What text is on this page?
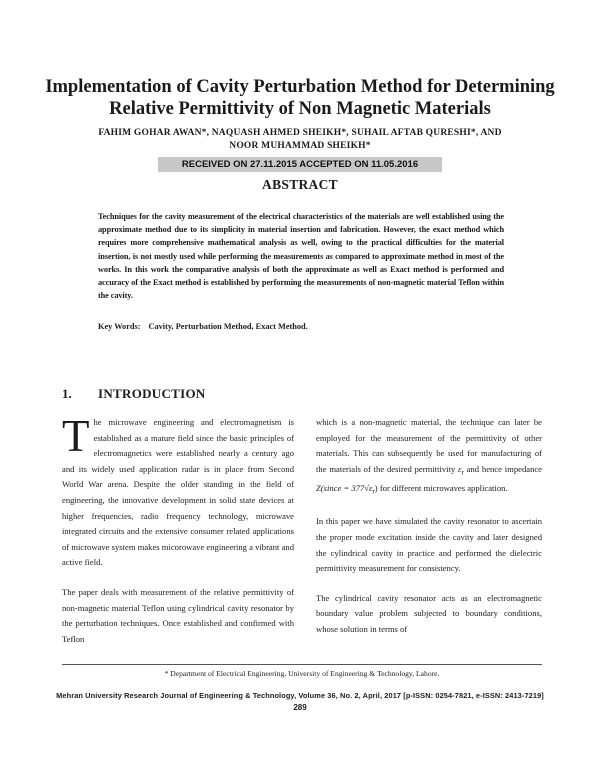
Implementation of Cavity Perturbation Method for Determining
Relative Permittivity of Non Magnetic Materials
FAHIM GOHAR AWAN*, NAQUASH AHMED SHEIKH*, SUHAIL AFTAB QURESHI*, AND
NOOR MUHAMMAD SHEIKH*
RECEIVED ON 27.11.2015 ACCEPTED ON 11.05.2016
ABSTRACT
Techniques for the cavity measurement of the electrical characteristics of the materials are well established using the approximate method due to its simplicity in material insertion and fabrication. However, the exact method which requires more comprehensive mathematical analysis as well, owing to the practical difficulties for the material insertion, is not mostly used while performing the measurements as compared to approximate method in most of the works. In this work the comparative analysis of both the approximate as well as Exact method is performed and accuracy of the Exact method is established by performing the measurements of non-magnetic material Teflon within the cavity.
Key Words: Cavity, Perturbation Method, Exact Method.
1. INTRODUCTION

The microwave engineering and electromagnetism is established as a mature field since the basic principles of electromagnetics were established nearly a century ago and its widely used application radar is in place from Second World War arena. Despite the older standing in the field of engineering, the innovative development in solid state devices at higher frequencies, radio frequency technology, microwave integrated circuits and the extensive consumer related applications of microwave system makes micorowave engineering a vibrant and active field.

The paper deals with measurement of the relative permittivity of non-magnetic material Teflon using cylindrical cavity resonator by the perturbation techniques. Once established and confirmed with Teflon

which is a non-magnetic material, the technique can later be employed for the measurement of the permittivity of other materials. This can subsequently be used for manufacturing of the materials of the desired permittivity $\varepsilon_r$ and hence impedance Z(since = $377√\varepsilon_r$) for different microwaves application.

In this paper we have simulated the cavity resonator to ascertain the proper mode excitation inside the cavity and later designed the cylindrical cavity in practice and performed the dielectric permittivity measurement for consistency.

The cylindrical cavity resonator acts as an electromagnetic boundary value problem subjected to boundary conditions, whose solution in terms of

* Department of Electrical Engineering, University of Engineering & Technology, Lahore.
Mehran University Research Journal of Engineering & Technology, Volume 36, No. 2, April, 2017 [p-ISSN: 0254-7821, e-ISSN: 2413-7219]
289
